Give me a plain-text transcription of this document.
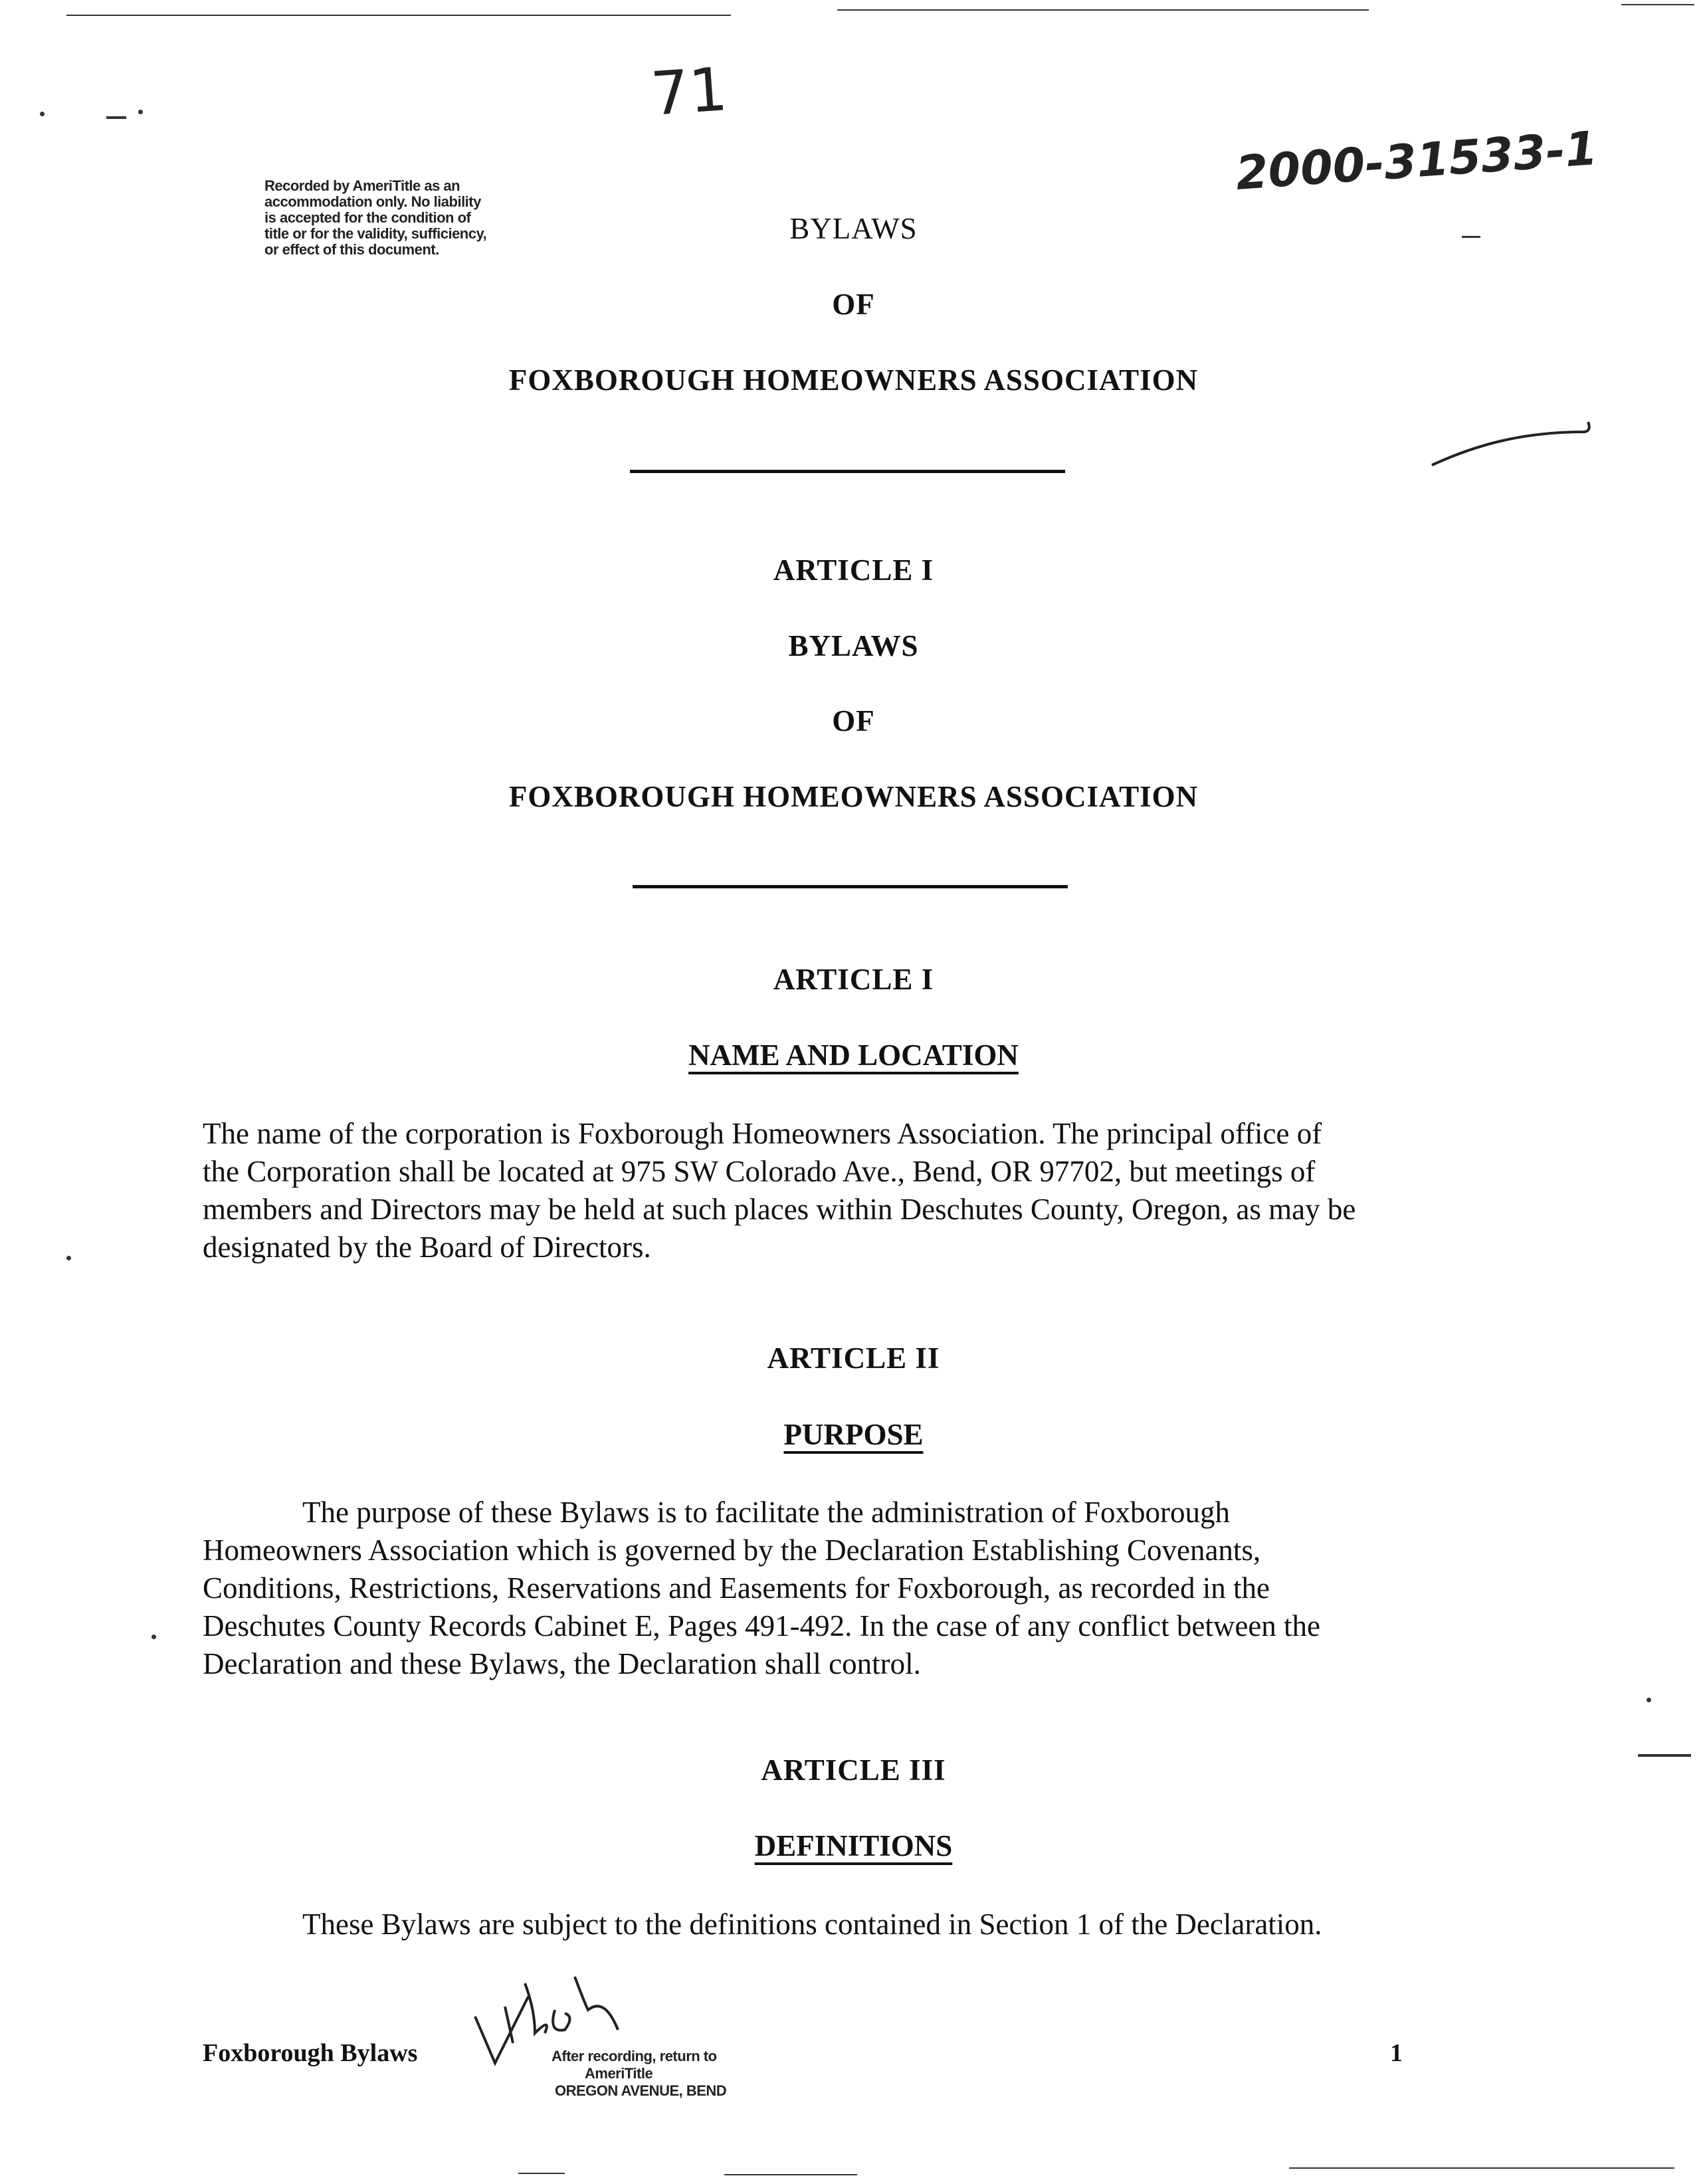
71
2000-31533-1
Recorded by AmeriTitle as an
accommodation only. No liability
is accepted for the condition of
title or for the validity, sufficiency,
or effect of this document.
BYLAWS
OF
FOXBOROUGH HOMEOWNERS ASSOCIATION
ARTICLE I
BYLAWS
OF
FOXBOROUGH HOMEOWNERS ASSOCIATION
ARTICLE I
NAME AND LOCATION
The name of the corporation is Foxborough Homeowners Association. The principal office of
the Corporation shall be located at 975 SW Colorado Ave., Bend, OR 97702, but meetings of
members and Directors may be held at such places within Deschutes County, Oregon, as may be
designated by the Board of Directors.
ARTICLE II
PURPOSE
The purpose of these Bylaws is to facilitate the administration of Foxborough
Homeowners Association which is governed by the Declaration Establishing Covenants,
Conditions, Restrictions, Reservations and Easements for Foxborough, as recorded in the
Deschutes County Records Cabinet E, Pages 491-492. In the case of any conflict between the
Declaration and these Bylaws, the Declaration shall control.
ARTICLE III
DEFINITIONS
These Bylaws are subject to the definitions contained in Section 1 of the Declaration.
Foxborough Bylaws	After recording, return to
AmeriTitle
OREGON AVENUE, BEND
1
